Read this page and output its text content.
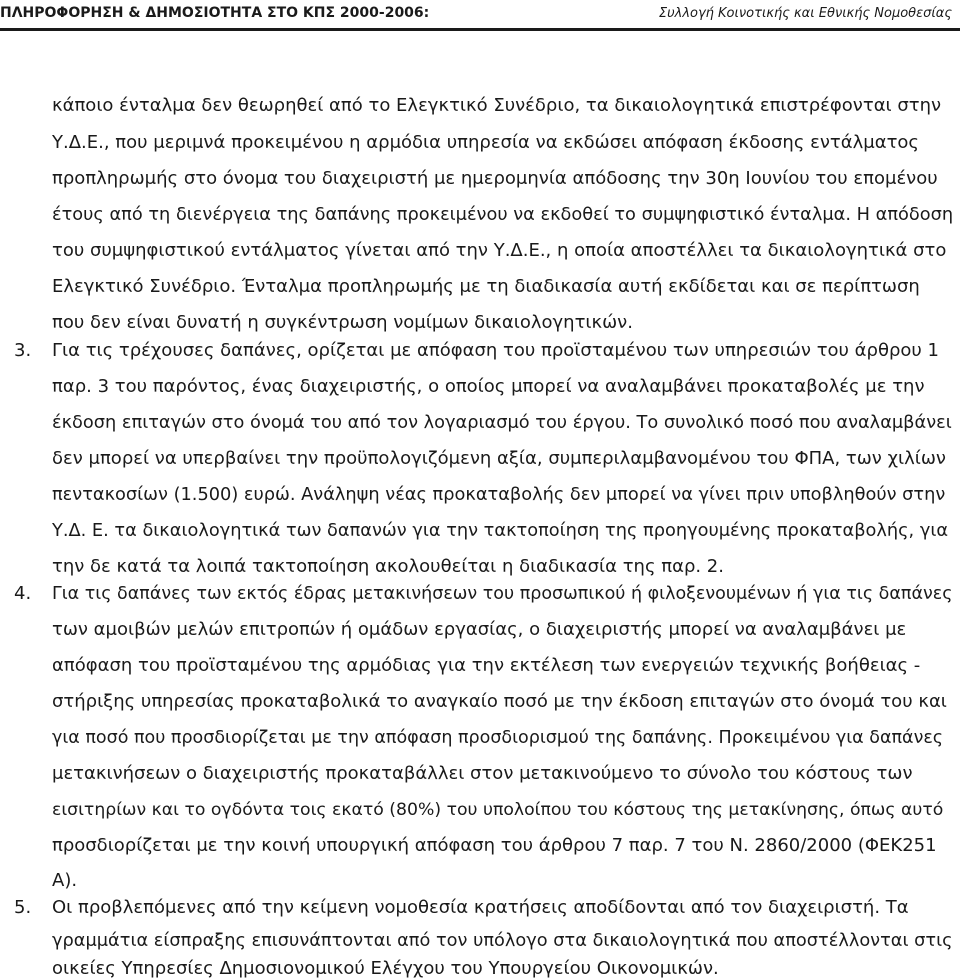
ΠΛΗΡΟΦΟΡΗΣΗ & ΔΗΜΟΣΙΟΤΗΤΑ ΣΤΟ ΚΠΣ 2000-2006:	Συλλογή Κοινοτικής και Εθνικής Νομοθεσίας
κάποιο ένταλμα δεν θεωρηθεί από το Ελεγκτικό Συνέδριο, τα δικαιολογητικά επιστρέφονται στην
Υ.Δ.Ε., που μεριμνά προκειμένου η αρμόδια υπηρεσία να εκδώσει απόφαση έκδοσης εντάλματος
προπληρωμής στο όνομα του διαχειριστή με ημερομηνία απόδοσης την 30η Ιουνίου του επομένου
έτους από τη διενέργεια της δαπάνης προκειμένου να εκδοθεί το συμψηφιστικό ένταλμα. Η απόδοση
του συμψηφιστικού εντάλματος γίνεται από την Υ.Δ.Ε., η οποία αποστέλλει τα δικαιολογητικά στο
Ελεγκτικό Συνέδριο. Ένταλμα προπληρωμής με τη διαδικασία αυτή εκδίδεται και σε περίπτωση
που δεν είναι δυνατή η συγκέντρωση νομίμων δικαιολογητικών.
3. Για τις τρέχουσες δαπάνες, ορίζεται με απόφαση του προϊσταμένου των υπηρεσιών του άρθρου 1
παρ. 3 του παρόντος, ένας διαχειριστής, ο οποίος μπορεί να αναλαμβάνει προκαταβολές με την
έκδοση επιταγών στο όνομά του από τον λογαριασμό του έργου. Το συνολικό ποσό που αναλαμβάνει
δεν μπορεί να υπερβαίνει την προϋπολογιζόμενη αξία, συμπεριλαμβανομένου του ΦΠΑ, των χιλίων
πεντακοσίων (1.500) ευρώ. Ανάληψη νέας προκαταβολής δεν μπορεί να γίνει πριν υποβληθούν στην
Υ.Δ. Ε. τα δικαιολογητικά των δαπανών για την τακτοποίηση της προηγουμένης προκαταβολής, για
την δε κατά τα λοιπά τακτοποίηση ακολουθείται η διαδικασία της παρ. 2.
4. Για τις δαπάνες των εκτός έδρας μετακινήσεων του προσωπικού ή φιλοξενουμένων ή για τις δαπάνες
των αμοιβών μελών επιτροπών ή ομάδων εργασίας, ο διαχειριστής μπορεί να αναλαμβάνει με
απόφαση του προϊσταμένου της αρμόδιας για την εκτέλεση των ενεργειών τεχνικής βοήθειας -
στήριξης υπηρεσίας προκαταβολικά το αναγκαίο ποσό με την έκδοση επιταγών στο όνομά του και
για ποσό που προσδιορίζεται με την απόφαση προσδιορισμού της δαπάνης. Προκειμένου για δαπάνες
μετακινήσεων ο διαχειριστής προκαταβάλλει στον μετακινούμενο το σύνολο του κόστους των
εισιτηρίων και το ογδόντα τοις εκατό (80%) του υπολοίπου του κόστους της μετακίνησης, όπως αυτό
προσδιορίζεται με την κοινή υπουργική απόφαση του άρθρου 7 παρ. 7 του Ν. 2860/2000 (ΦΕΚ251
Α).
5. Οι προβλεπόμενες από την κείμενη νομοθεσία κρατήσεις αποδίδονται από τον διαχειριστή. Τα
γραμμάτια είσπραξης επισυνάπτονται από τον υπόλογο στα δικαιολογητικά που αποστέλλονται στις
οικείες Υπηρεσίες Δημοσιονομικού Ελέγχου του Υπουργείου Οικονομικών.
